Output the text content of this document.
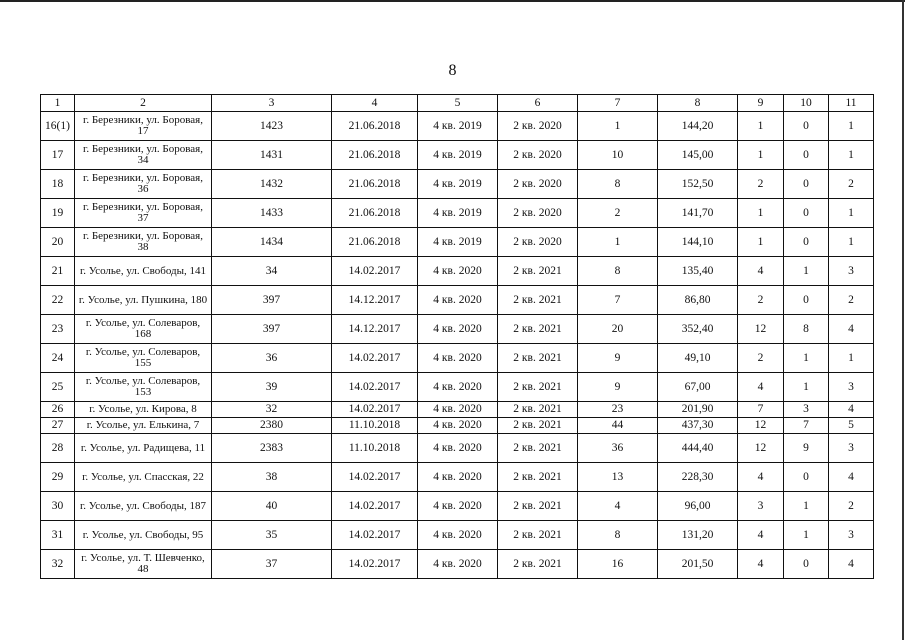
8
1	2	3	4	5	6	7	8	9	10	11
16(1)	г. Березники, ул. Боровая, 17	1423	21.06.2018	4 кв. 2019	2 кв. 2020	1	144,20	1	0	1
17	г. Березники, ул. Боровая, 34	1431	21.06.2018	4 кв. 2019	2 кв. 2020	10	145,00	1	0	1
18	г. Березники, ул. Боровая, 36	1432	21.06.2018	4 кв. 2019	2 кв. 2020	8	152,50	2	0	2
19	г. Березники, ул. Боровая, 37	1433	21.06.2018	4 кв. 2019	2 кв. 2020	2	141,70	1	0	1
20	г. Березники, ул. Боровая, 38	1434	21.06.2018	4 кв. 2019	2 кв. 2020	1	144,10	1	0	1
21	г. Усолье, ул. Свободы, 141	34	14.02.2017	4 кв. 2020	2 кв. 2021	8	135,40	4	1	3
22	г. Усолье, ул. Пушкина, 180	397	14.12.2017	4 кв. 2020	2 кв. 2021	7	86,80	2	0	2
23	г. Усолье, ул. Солеваров, 168	397	14.12.2017	4 кв. 2020	2 кв. 2021	20	352,40	12	8	4
24	г. Усолье, ул. Солеваров, 155	36	14.02.2017	4 кв. 2020	2 кв. 2021	9	49,10	2	1	1
25	г. Усолье, ул. Солеваров, 153	39	14.02.2017	4 кв. 2020	2 кв. 2021	9	67,00	4	1	3
26	г. Усолье, ул. Кирова, 8	32	14.02.2017	4 кв. 2020	2 кв. 2021	23	201,90	7	3	4
27	г. Усолье, ул. Елькина, 7	2380	11.10.2018	4 кв. 2020	2 кв. 2021	44	437,30	12	7	5
28	г. Усолье, ул. Радищева, 11	2383	11.10.2018	4 кв. 2020	2 кв. 2021	36	444,40	12	9	3
29	г. Усолье, ул. Спасская, 22	38	14.02.2017	4 кв. 2020	2 кв. 2021	13	228,30	4	0	4
30	г. Усолье, ул. Свободы, 187	40	14.02.2017	4 кв. 2020	2 кв. 2021	4	96,00	3	1	2
31	г. Усолье, ул. Свободы, 95	35	14.02.2017	4 кв. 2020	2 кв. 2021	8	131,20	4	1	3
32	г. Усолье, ул. Т. Шевченко, 48	37	14.02.2017	4 кв. 2020	2 кв. 2021	16	201,50	4	0	4
